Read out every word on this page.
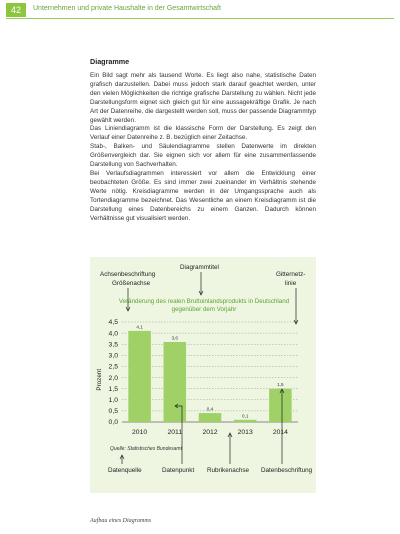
42	Unternehmen und private Haushalte in der Gesamtwirtschaft
Diagramme

Ein Bild sagt mehr als tausend Worte. Es liegt also nahe, statistische Daten grafisch darzustellen. Dabei muss jedoch stark darauf geachtet werden, unter den vielen Möglichkeiten die richtige grafische Darstellung zu wählen. Nicht jede Darstellungsform eignet sich gleich gut für eine aussagekräftige Grafik. Je nach Art der Datenreihe, die dargestellt werden soll, muss der passende Diagrammtyp gewählt werden.

Das Liniendiagramm ist die klassische Form der Darstellung. Es zeigt den Verlauf einer Datenreihe z. B. bezüglich einer Zeitachse.

Stab-, Balken- und Säulendiagramme stellen Datenwerte im direkten Größenvergleich dar. Sie eignen sich vor allem für eine zusammenfassende Darstellung von Sachverhalten.

Bei Verlaufsdiagrammen interessiert vor allem die Entwicklung einer beobachteten Größe. Es sind immer zwei zueinander im Verhältnis stehende Werte nötig. Kreisdiagramme werden in der Umgangssprache auch als Tortendiagramme bezeichnet. Das Wesentliche an einem Kreisdiagramm ist die Darstellung eines Datenbereichs zu einem Ganzen. Dadurch können Verhältnisse gut visualisiert werden.

Achsenbeschriftung
Größenachse
Diagrammtitel
Gitternetz-
linie
Veränderung des realen Bruttoinlandsprodukts in Deutschland gegenüber dem Vorjahr
Datenquelle	Datenpunkt Rubrikenachse Datenbeschriftung
0,0
0,5
1,0
1,5
2,0
2,5
3,0
3,5
4,0
4,5
Prozent
4,1
2010
3,6
2011
0,4
2012
0,1
2013
1,5
2014
Quelle: Statistisches Bundesamt
Aufbau eines Diagramms
